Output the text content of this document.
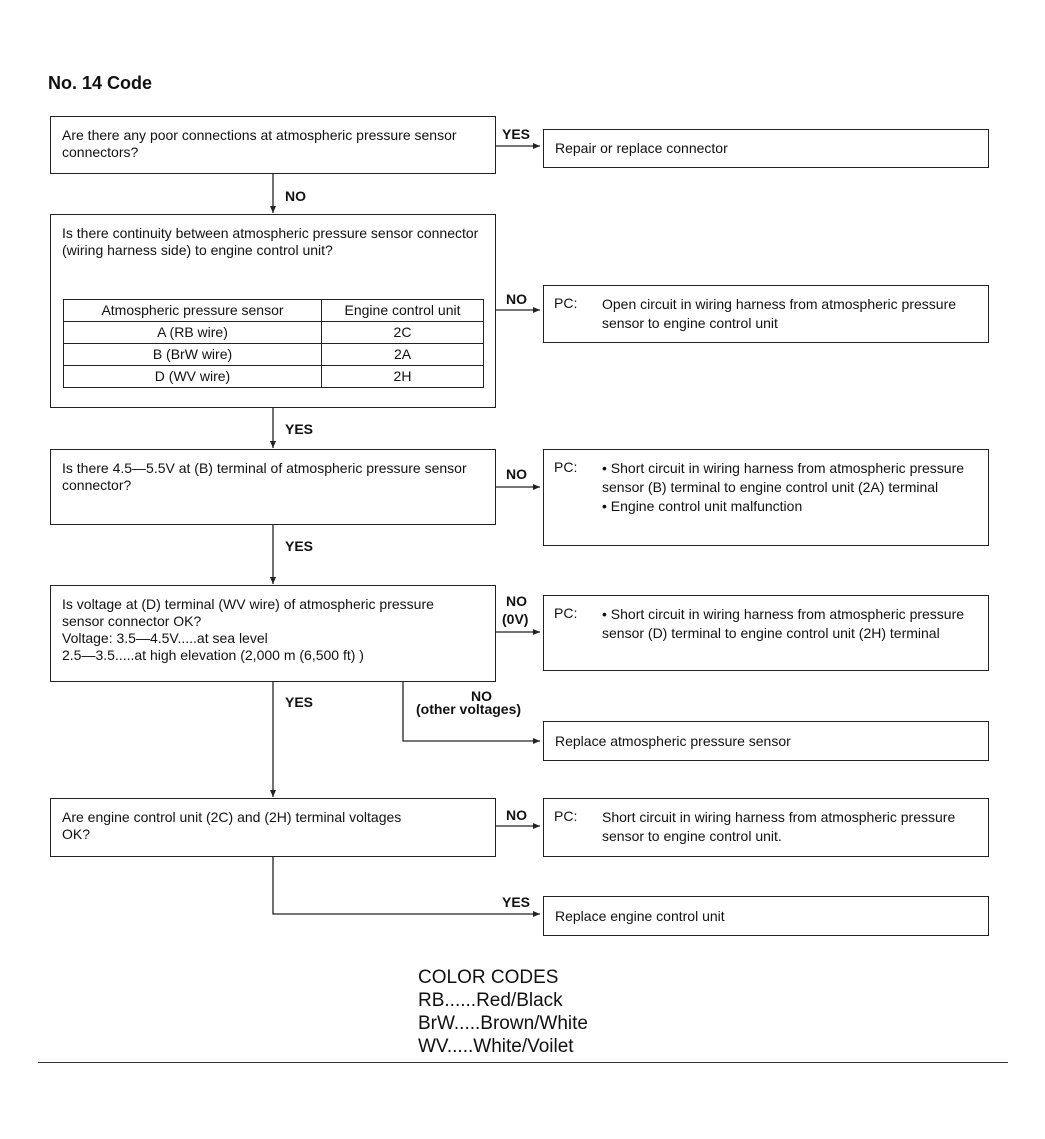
No. 14 Code
Are there any poor connections at atmospheric pressure sensor connectors?
YES
NO
Repair or replace connector
Is there continuity between atmospheric pressure sensor connector (wiring harness side) to engine control unit?
Atmospheric pressure sensor	Engine control unit
A (RB wire)	2C
B (BrW wire)	2A
D (WV wire)	2H
NO
YES
PC: Open circuit in wiring harness from atmospheric pressure sensor to engine control unit
Is there 4.5—5.5V at (B) terminal of atmospheric pressure sensor connector?
NO
YES
PC: • Short circuit in wiring harness from atmospheric pressure sensor (B) terminal to engine control unit (2A) terminal
• Engine control unit malfunction
Is voltage at (D) terminal (WV wire) of atmospheric pressure sensor connector OK?
Voltage: 3.5—4.5V.....at sea level
2.5—3.5.....at high elevation (2,000 m (6,500 ft) )
NO
(0V)
NO
(other voltages)
YES
PC: • Short circuit in wiring harness from atmospheric pressure sensor (D) terminal to engine control unit (2H) terminal
Replace atmospheric pressure sensor
Are engine control unit (2C) and (2H) terminal voltages OK?
NO
YES
PC: Short circuit in wiring harness from atmospheric pressure sensor to engine control unit.
Replace engine control unit
COLOR CODES
RB......Red/Black
BrW.....Brown/White
WV.....White/Voilet
